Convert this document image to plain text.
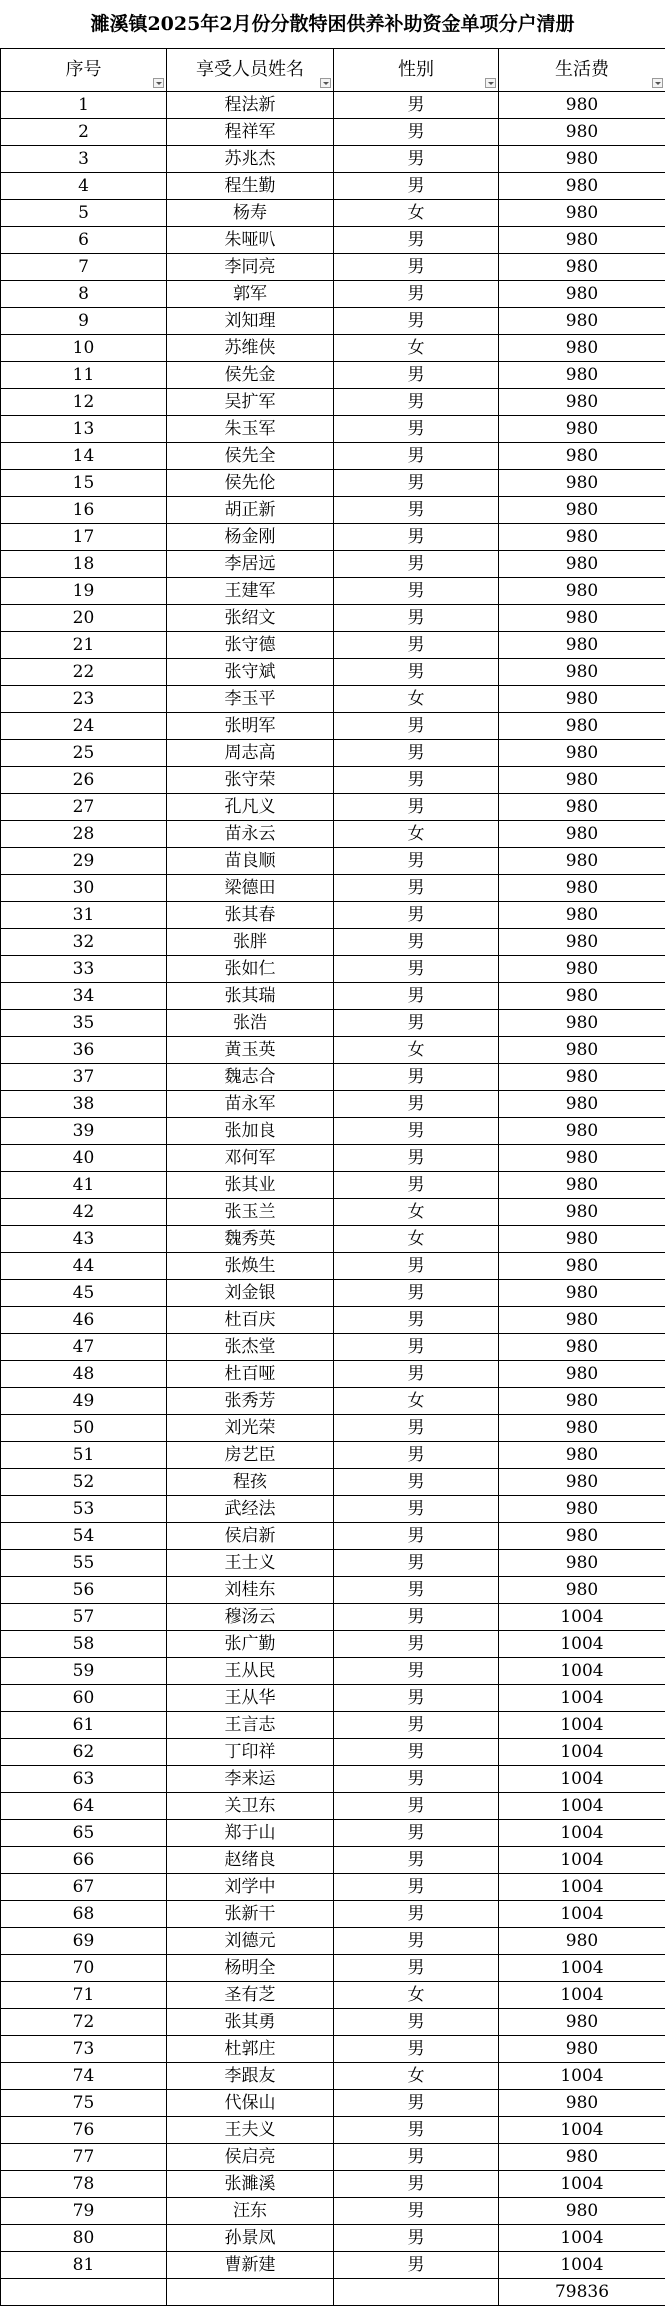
濉溪镇2025年2月份分散特困供养补助资金单项分户清册
序号	享受人员姓名	性别	生活费

1	程法新	男	980
2	程祥军	男	980
3	苏兆杰	男	980
4	程生勤	男	980
5	杨寿	女	980
6	朱哑叭	男	980
7	李同亮	男	980
8	郭军	男	980
9	刘知理	男	980
10	苏维侠	女	980
11	侯先金	男	980
12	吴扩军	男	980
13	朱玉军	男	980
14	侯先全	男	980
15	侯先伦	男	980
16	胡正新	男	980
17	杨金刚	男	980
18	李居远	男	980
19	王建军	男	980
20	张绍文	男	980
21	张守德	男	980
22	张守斌	男	980
23	李玉平	女	980
24	张明军	男	980
25	周志高	男	980
26	张守荣	男	980
27	孔凡义	男	980
28	苗永云	女	980
29	苗良顺	男	980
30	梁德田	男	980
31	张其春	男	980
32	张胖	男	980
33	张如仁	男	980
34	张其瑞	男	980
35	张浩	男	980
36	黄玉英	女	980
37	魏志合	男	980
38	苗永军	男	980
39	张加良	男	980
40	邓何军	男	980
41	张其业	男	980
42	张玉兰	女	980
43	魏秀英	女	980
44	张焕生	男	980
45	刘金银	男	980
46	杜百庆	男	980
47	张杰堂	男	980
48	杜百哑	男	980
49	张秀芳	女	980
50	刘光荣	男	980
51	房艺臣	男	980
52	程孩	男	980
53	武经法	男	980
54	侯启新	男	980
55	王士义	男	980
56	刘桂东	男	980
57	穆汤云	男	1004
58	张广勤	男	1004
59	王从民	男	1004
60	王从华	男	1004
61	王言志	男	1004
62	丁印祥	男	1004
63	李来运	男	1004
64	关卫东	男	1004
65	郑于山	男	1004
66	赵绪良	男	1004
67	刘学中	男	1004
68	张新干	男	1004
69	刘德元	男	980
70	杨明全	男	1004
71	圣有芝	女	1004
72	张其勇	男	980
73	杜郭庄	男	980
74	李跟友	女	1004
75	代保山	男	980
76	王夫义	男	1004
77	侯启亮	男	980
78	张濉溪	男	1004
79	汪东	男	980
80	孙景凤	男	1004
81	曹新建	男	1004
			79836
